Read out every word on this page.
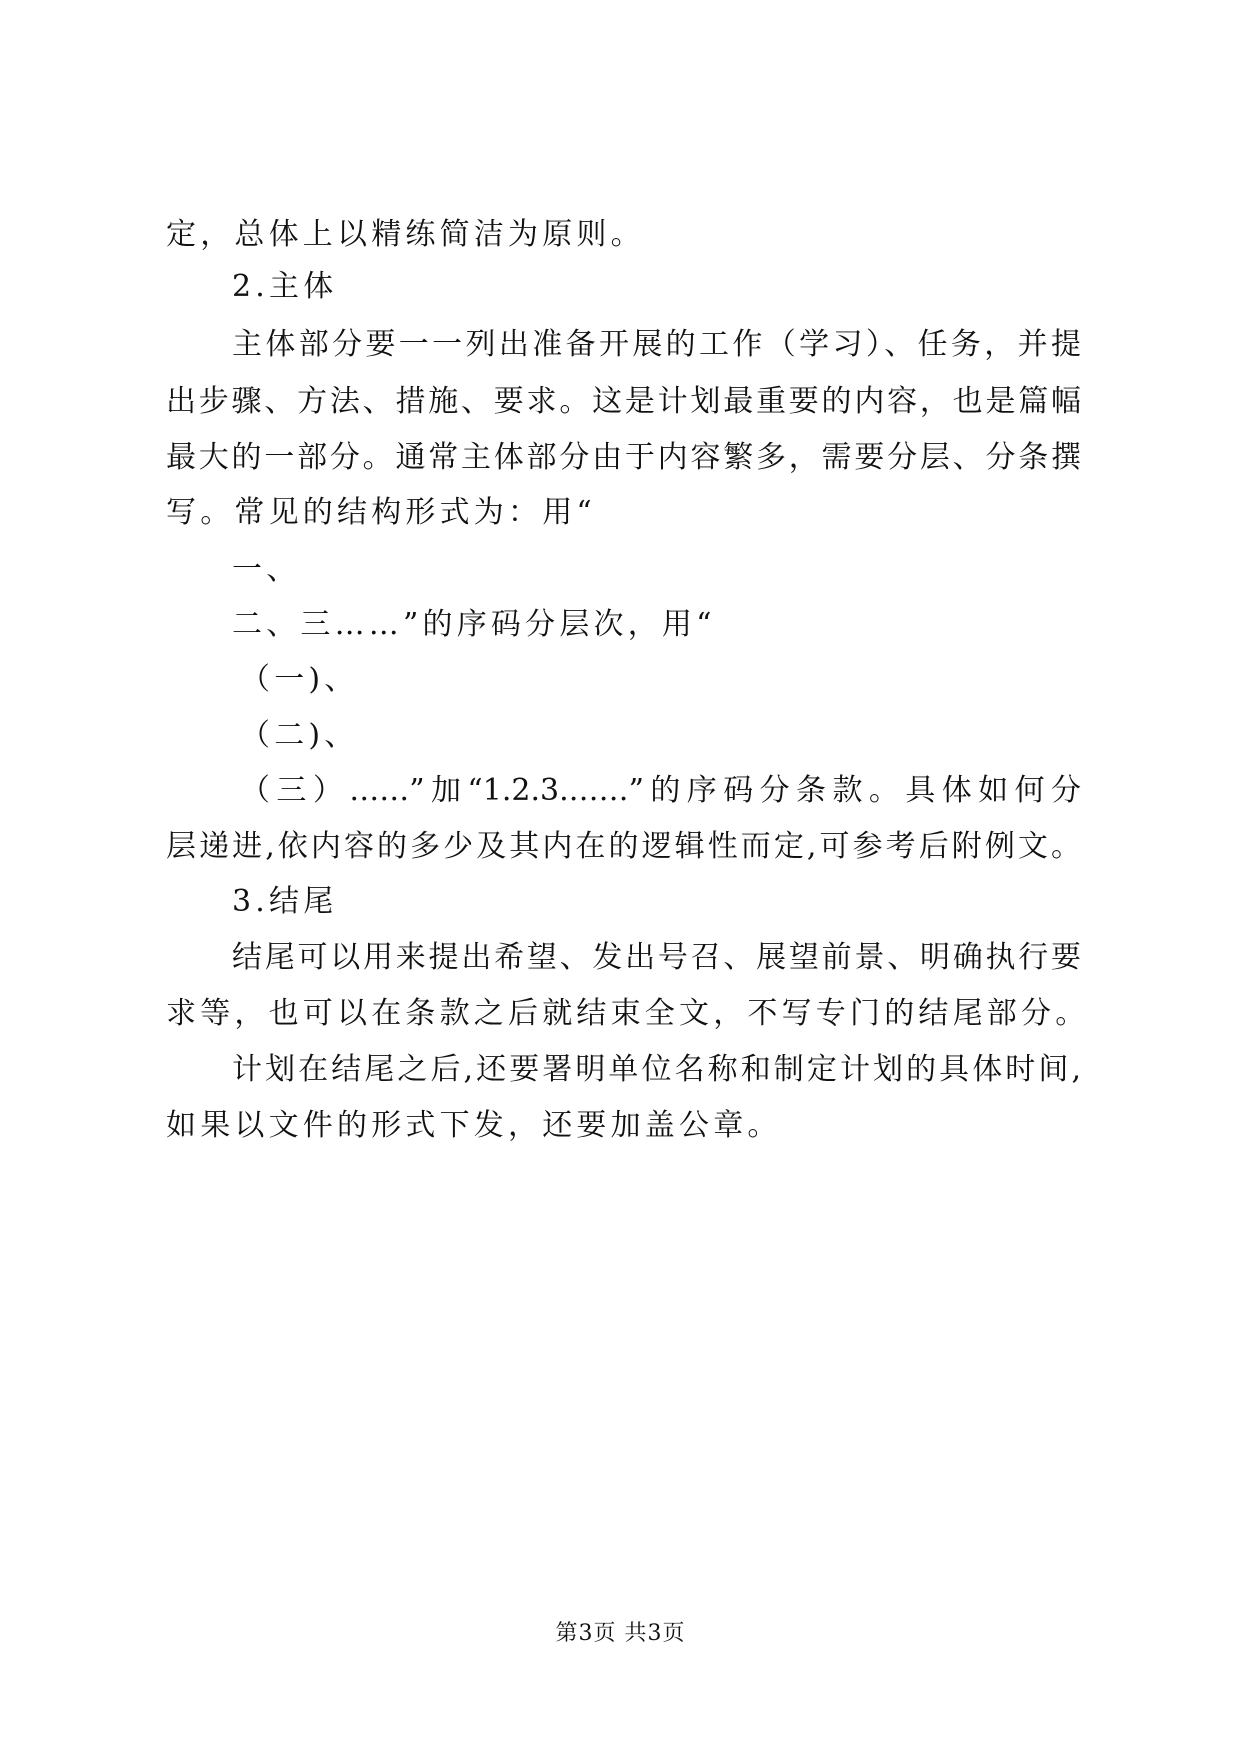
定，总体上以精练简洁为原则。
2.主体
主体部分要一一列出准备开展的工作（学习）、任务，并提
出步骤、方法、措施、要求。这是计划最重要的内容，也是篇幅
最大的一部分。通常主体部分由于内容繁多，需要分层、分条撰
写。常见的结构形式为：用“
一、
二、三……”的序码分层次，用“
（一)、
（二)、
（三）……”加“1.2.3.……”的序码分条款。具体如何分
层递进,依内容的多少及其内在的逻辑性而定,可参考后附例文。
3.结尾
结尾可以用来提出希望、发出号召、展望前景、明确执行要
求等，也可以在条款之后就结束全文，不写专门的结尾部分。
计划在结尾之后,还要署明单位名称和制定计划的具体时间,
如果以文件的形式下发，还要加盖公章。
第3页 共3页
